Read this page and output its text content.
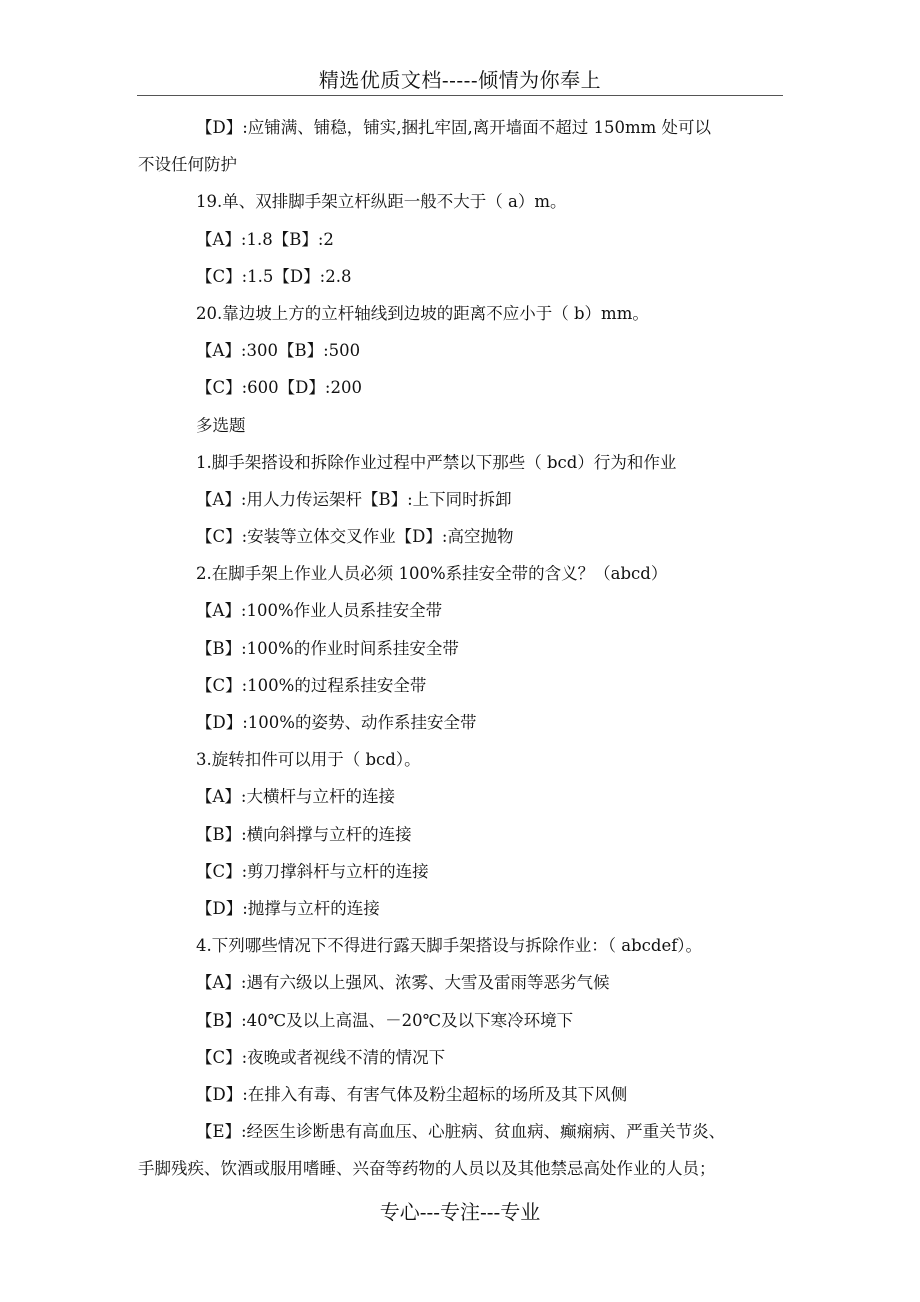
精选优质文档-----倾情为你奉上
【D】:应铺满、铺稳，铺实,捆扎牢固,离开墙面不超过 150mm 处可以
不设任何防护
19.单、双排脚手架立杆纵距一般不大于（ a）m。
【A】:1.8【B】:2
【C】:1.5【D】:2.8
20.靠边坡上方的立杆轴线到边坡的距离不应小于（ b）mm。
【A】:300【B】:500
【C】:600【D】:200
多选题
1.脚手架搭设和拆除作业过程中严禁以下那些（ bcd）行为和作业
【A】:用人力传运架杆【B】:上下同时拆卸
【C】:安装等立体交叉作业【D】:高空抛物
2.在脚手架上作业人员必须 100%系挂安全带的含义？（abcd）
【A】:100%作业人员系挂安全带
【B】:100%的作业时间系挂安全带
【C】:100%的过程系挂安全带
【D】:100%的姿势、动作系挂安全带
3.旋转扣件可以用于（ bcd）。
【A】:大横杆与立杆的连接
【B】:横向斜撑与立杆的连接
【C】:剪刀撑斜杆与立杆的连接
【D】:抛撑与立杆的连接
4.下列哪些情况下不得进行露天脚手架搭设与拆除作业：（ abcdef）。
【A】:遇有六级以上强风、浓雾、大雪及雷雨等恶劣气候
【B】:40℃及以上高温、－20℃及以下寒冷环境下
【C】:夜晚或者视线不清的情况下
【D】:在排入有毒、有害气体及粉尘超标的场所及其下风侧
【E】:经医生诊断患有高血压、心脏病、贫血病、癫痫病、严重关节炎、
手脚残疾、饮酒或服用嗜睡、兴奋等药物的人员以及其他禁忌高处作业的人员；
专心---专注---专业
